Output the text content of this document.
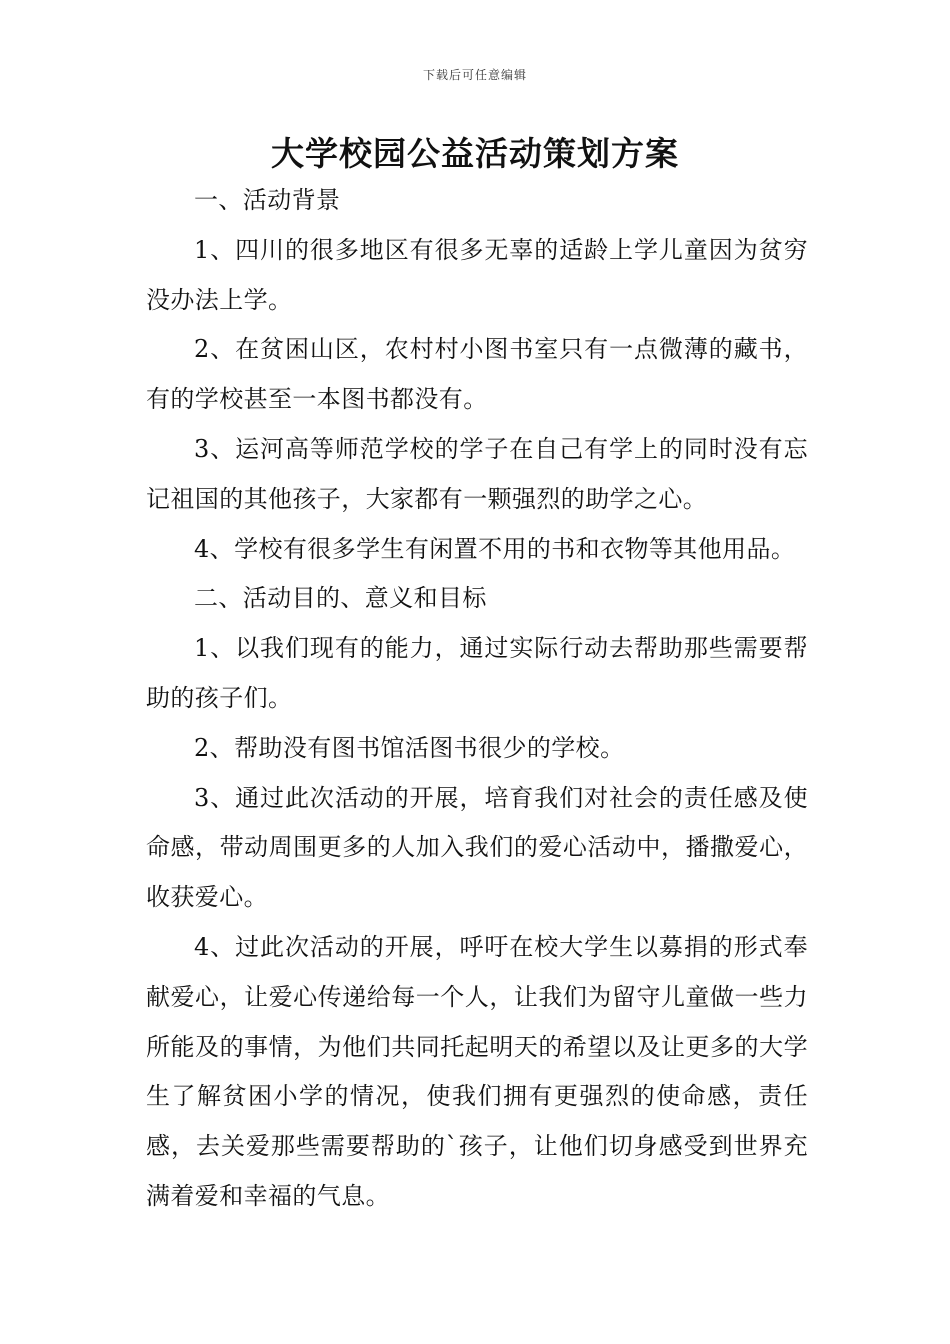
下载后可任意编辑
大学校园公益活动策划方案

一、活动背景

1、四川的很多地区有很多无辜的适龄上学儿童因为贫穷没办法上学。

2、在贫困山区，农村村小图书室只有一点微薄的藏书，有的学校甚至一本图书都没有。

3、运河高等师范学校的学子在自己有学上的同时没有忘记祖国的其他孩子，大家都有一颗强烈的助学之心。

4、学校有很多学生有闲置不用的书和衣物等其他用品。

二、活动目的、意义和目标

1、以我们现有的能力，通过实际行动去帮助那些需要帮助的孩子们。

2、帮助没有图书馆活图书很少的学校。

3、通过此次活动的开展，培育我们对社会的责任感及使命感，带动周围更多的人加入我们的爱心活动中，播撒爱心，收获爱心。

4、过此次活动的开展，呼吁在校大学生以募捐的形式奉献爱心，让爱心传递给每一个人，让我们为留守儿童做一些力所能及的事情，为他们共同托起明天的希望以及让更多的大学生了解贫困小学的情况，使我们拥有更强烈的使命感，责任感，去关爱那些需要帮助的`孩子，让他们切身感受到世界充满着爱和幸福的气息。
